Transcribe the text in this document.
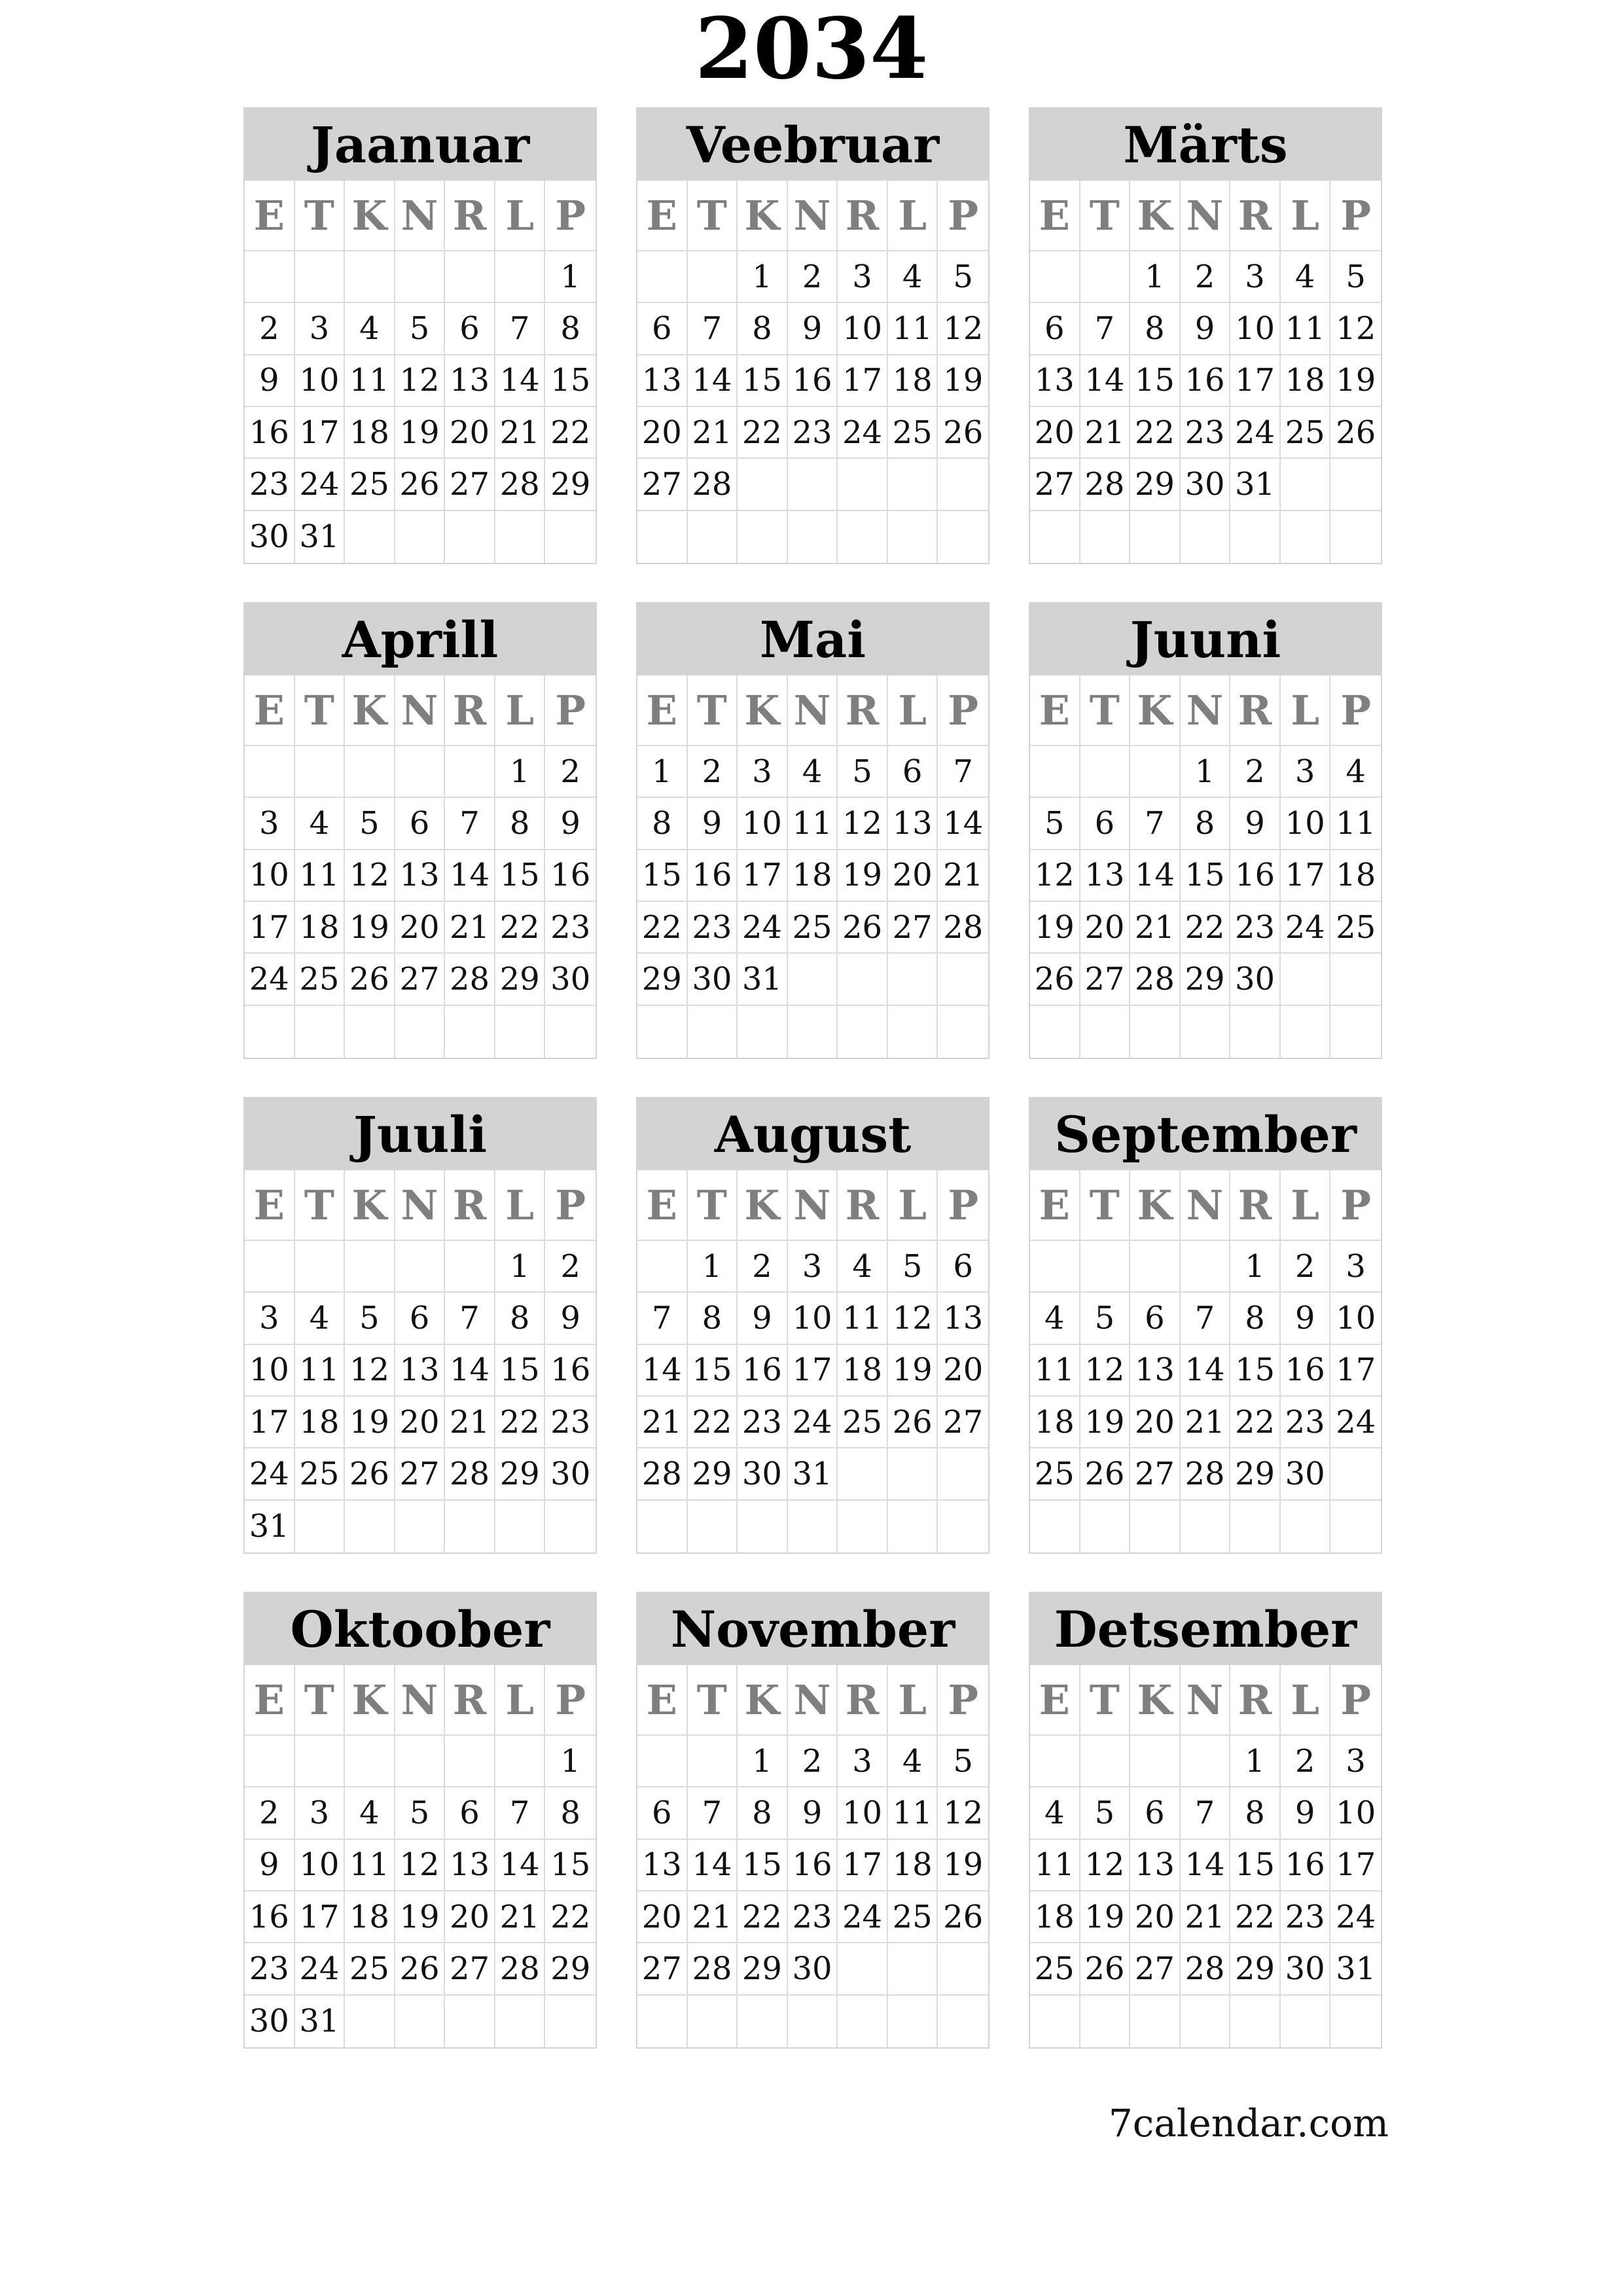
2034
Jaanuar
E T K N R L P
1
2 3 4 5 6 7 8
9 10 11 12 13 14 15
16 17 18 19 20 21 22
23 24 25 26 27 28 29
30 31
Veebruar
E T K N R L P
1 2 3 4 5
6 7 8 9 10 11 12
13 14 15 16 17 18 19
20 21 22 23 24 25 26
27 28
Märts
E T K N R L P
1 2 3 4 5
6 7 8 9 10 11 12
13 14 15 16 17 18 19
20 21 22 23 24 25 26
27 28 29 30 31
Aprill
E T K N R L P
1 2
3 4 5 6 7 8 9
10 11 12 13 14 15 16
17 18 19 20 21 22 23
24 25 26 27 28 29 30
Mai
E T K N R L P
1 2 3 4 5 6 7
8 9 10 11 12 13 14
15 16 17 18 19 20 21
22 23 24 25 26 27 28
29 30 31
Juuni
E T K N R L P
1 2 3 4
5 6 7 8 9 10 11
12 13 14 15 16 17 18
19 20 21 22 23 24 25
26 27 28 29 30
Juuli
E T K N R L P
1 2
3 4 5 6 7 8 9
10 11 12 13 14 15 16
17 18 19 20 21 22 23
24 25 26 27 28 29 30
31
August
E T K N R L P
1 2 3 4 5 6
7 8 9 10 11 12 13
14 15 16 17 18 19 20
21 22 23 24 25 26 27
28 29 30 31
September
E T K N R L P
1 2 3
4 5 6 7 8 9 10
11 12 13 14 15 16 17
18 19 20 21 22 23 24
25 26 27 28 29 30
Oktoober
E T K N R L P
1
2 3 4 5 6 7 8
9 10 11 12 13 14 15
16 17 18 19 20 21 22
23 24 25 26 27 28 29
30 31
November
E T K N R L P
1 2 3 4 5
6 7 8 9 10 11 12
13 14 15 16 17 18 19
20 21 22 23 24 25 26
27 28 29 30
Detsember
E T K N R L P
1 2 3
4 5 6 7 8 9 10
11 12 13 14 15 16 17
18 19 20 21 22 23 24
25 26 27 28 29 30 31
7calendar.com
